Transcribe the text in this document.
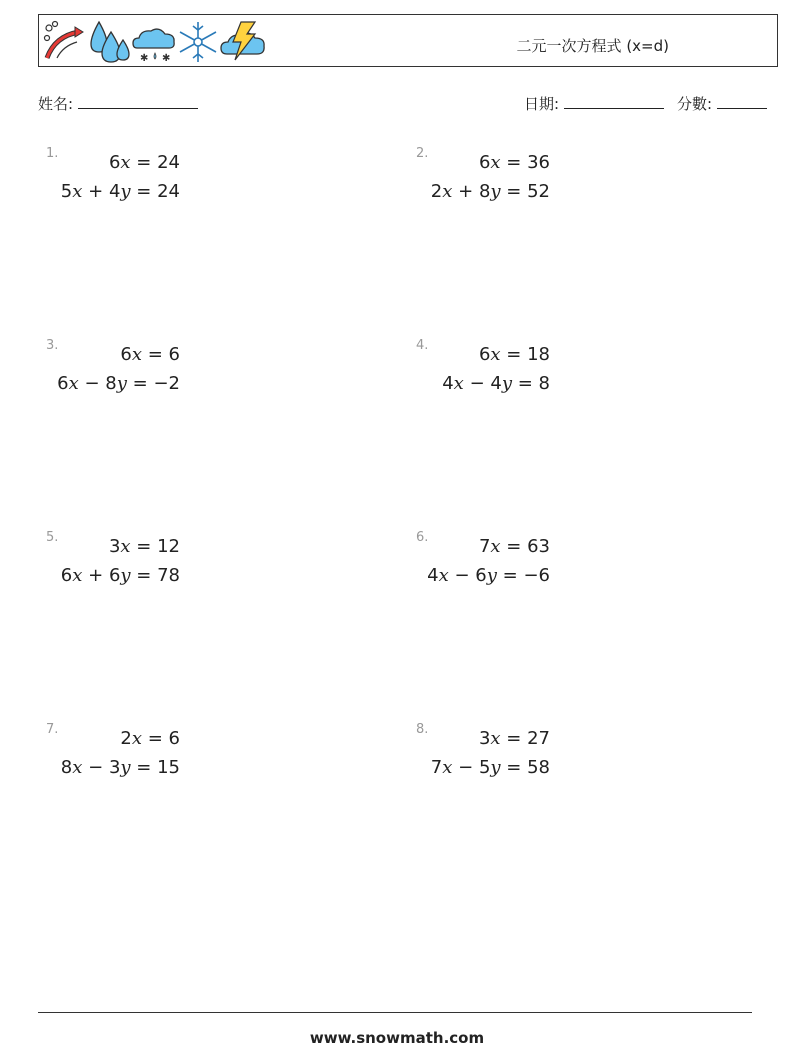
✱ ✱
二元一次方程式 (x=d)
姓名:	日期:	分數:
www.snowmath.com
1.	6x = 24
5x + 4y = 24
2.	6x = 36
2x + 8y = 52
3.	6x = 6
6x − 8y = −2
4.	6x = 18
4x − 4y = 8
5.	3x = 12
6x + 6y = 78
6.	7x = 63
4x − 6y = −6
7.	2x = 6
8x − 3y = 15
8.	3x = 27
7x − 5y = 58
